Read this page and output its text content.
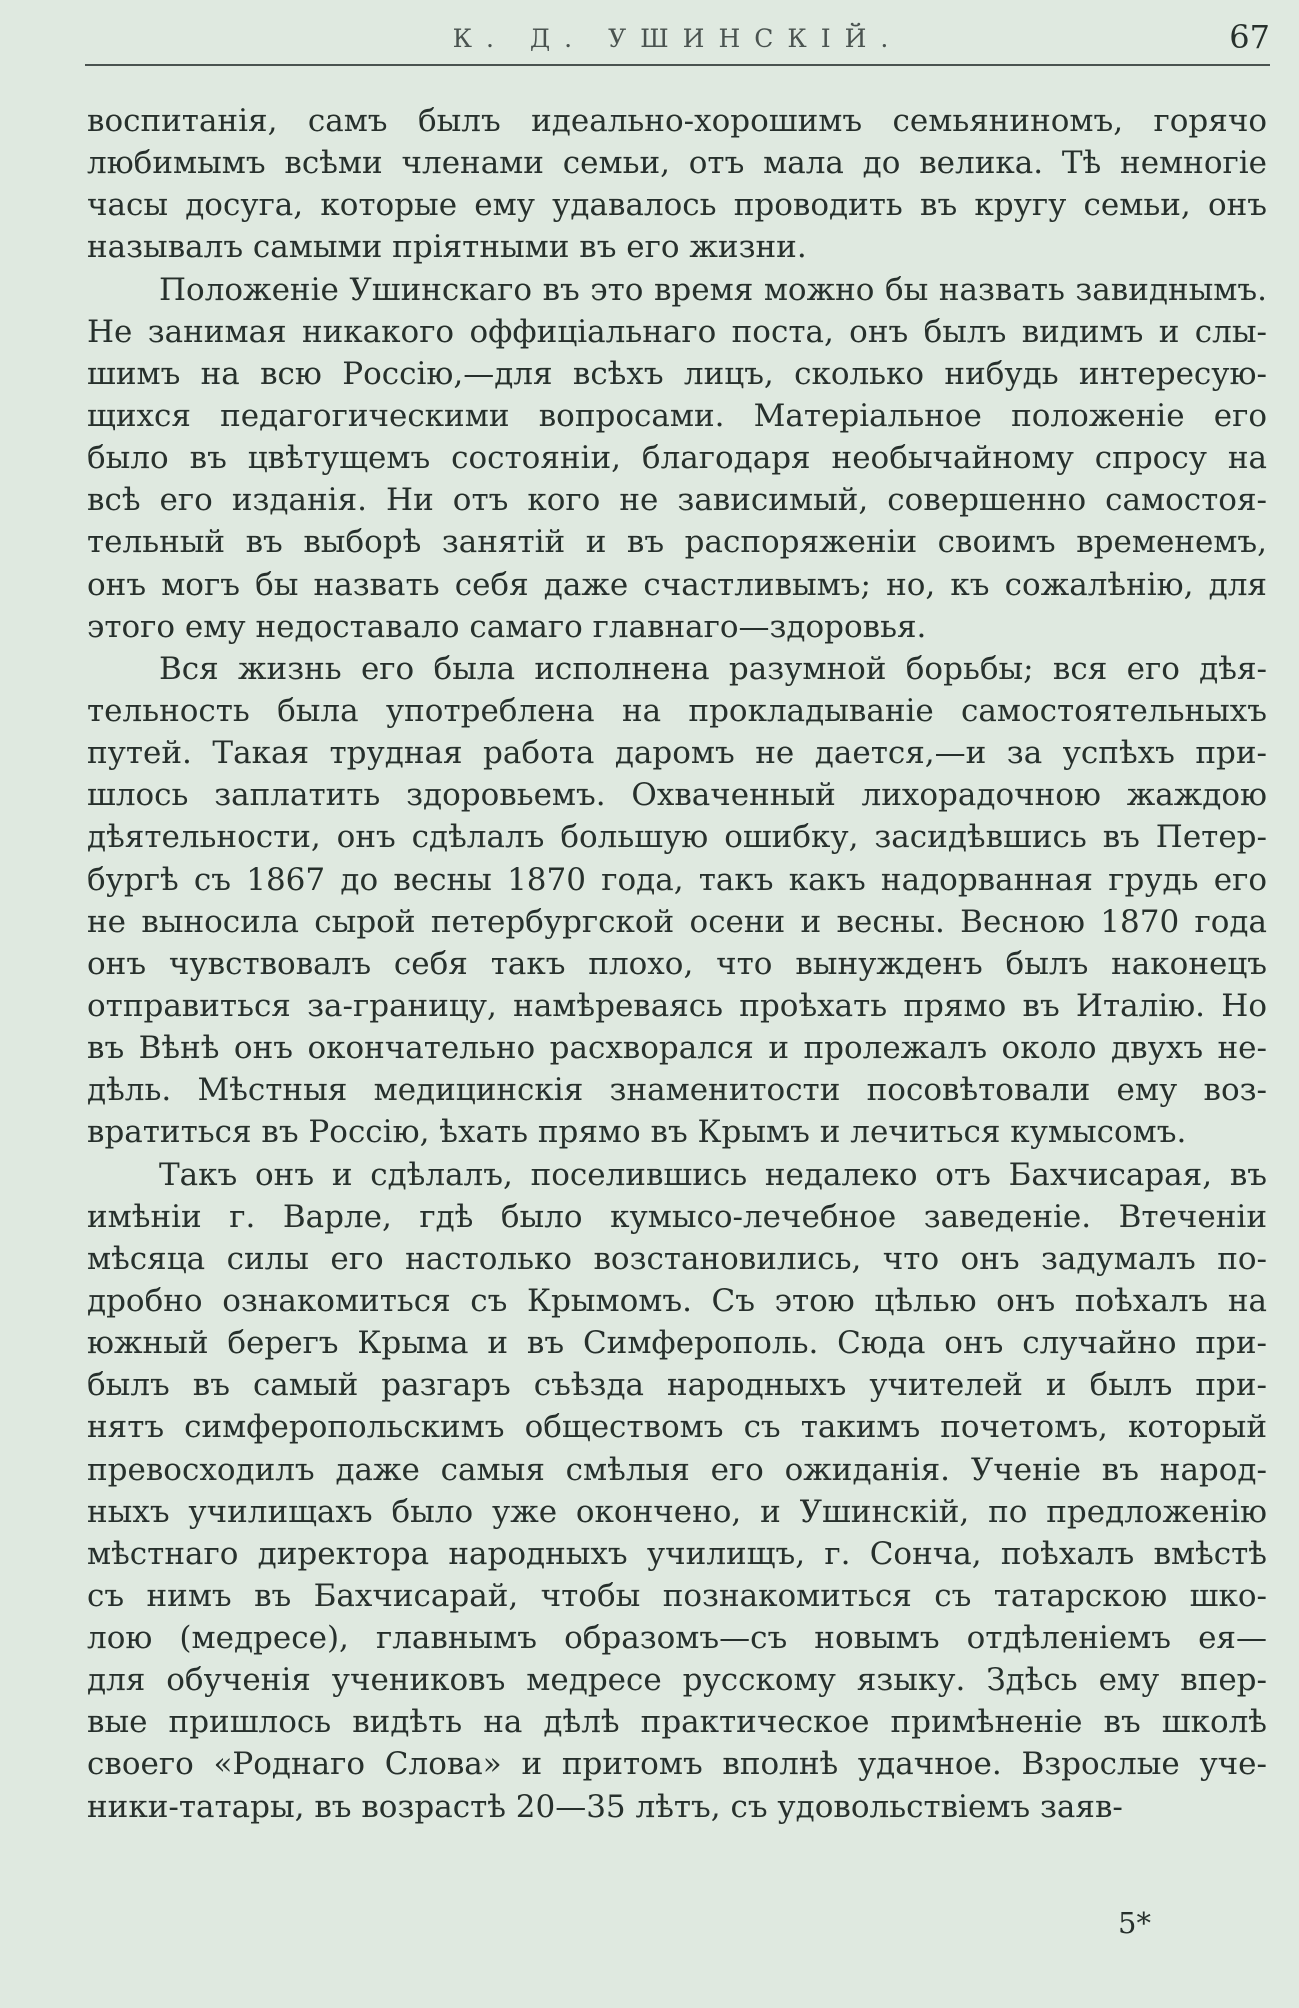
К. Д. УШИНСКІЙ.	67
воспитанія, самъ былъ идеально-хорошимъ семьяниномъ, горячо
любимымъ всѣми членами семьи, отъ мала до велика. Тѣ немногіе
часы досуга, которые ему удавалось проводить въ кругу семьи, онъ
называлъ самыми пріятными въ его жизни.
Положеніе Ушинскаго въ это время можно бы назвать завиднымъ.
Не занимая никакого оффиціальнаго поста, онъ былъ видимъ и слы-
шимъ на всю Россію,—для всѣхъ лицъ, сколько нибудь интересую-
щихся педагогическими вопросами. Матеріальное положеніе его
было въ цвѣтущемъ состояніи, благодаря необычайному спросу на
всѣ его изданія. Ни отъ кого не зависимый, совершенно самостоя-
тельный въ выборѣ занятій и въ распоряженіи своимъ временемъ,
онъ могъ бы назвать себя даже счастливымъ; но, къ сожалѣнію, для
этого ему недоставало самаго главнаго—здоровья.
Вся жизнь его была исполнена разумной борьбы; вся его дѣя-
тельность была употреблена на прокладываніе самостоятельныхъ
путей. Такая трудная работа даромъ не дается,—и за успѣхъ при-
шлось заплатить здоровьемъ. Охваченный лихорадочною жаждою
дѣятельности, онъ сдѣлалъ большую ошибку, засидѣвшись въ Петер-
бургѣ съ 1867 до весны 1870 года, такъ какъ надорванная грудь его
не выносила сырой петербургской осени и весны. Весною 1870 года
онъ чувствовалъ себя такъ плохо, что вынужденъ былъ наконецъ
отправиться за-границу, намѣреваясь проѣхать прямо въ Италію. Но
въ Вѣнѣ онъ окончательно расхворался и пролежалъ около двухъ не-
дѣль. Мѣстныя медицинскія знаменитости посовѣтовали ему воз-
вратиться въ Россію, ѣхать прямо въ Крымъ и лечиться кумысомъ.
Такъ онъ и сдѣлалъ, поселившись недалеко отъ Бахчисарая, въ
имѣніи г. Варле, гдѣ было кумысо-лечебное заведеніе. Втеченіи
мѣсяца силы его настолько возстановились, что онъ задумалъ по-
дробно ознакомиться съ Крымомъ. Съ этою цѣлью онъ поѣхалъ на
южный берегъ Крыма и въ Симферополь. Сюда онъ случайно при-
былъ въ самый разгаръ съѣзда народныхъ учителей и былъ при-
нятъ симферопольскимъ обществомъ съ такимъ почетомъ, который
превосходилъ даже самыя смѣлыя его ожиданія. Ученіе въ народ-
ныхъ училищахъ было уже окончено, и Ушинскій, по предложенію
мѣстнаго директора народныхъ училищъ, г. Сончa, поѣхалъ вмѣстѣ
съ нимъ въ Бахчисарай, чтобы познакомиться съ татарскою шко-
лою (медресе), главнымъ образомъ—съ новымъ отдѣленіемъ ея—
для обученія учениковъ медресе русскому языку. Здѣсь ему впер-
вые пришлось видѣть на дѣлѣ практическое примѣненіе въ школѣ
своего «Роднаго Слова» и притомъ вполнѣ удачное. Взрослые уче-
ники-татары, въ возрастѣ 20—35 лѣтъ, съ удовольствіемъ заяв-
5*
